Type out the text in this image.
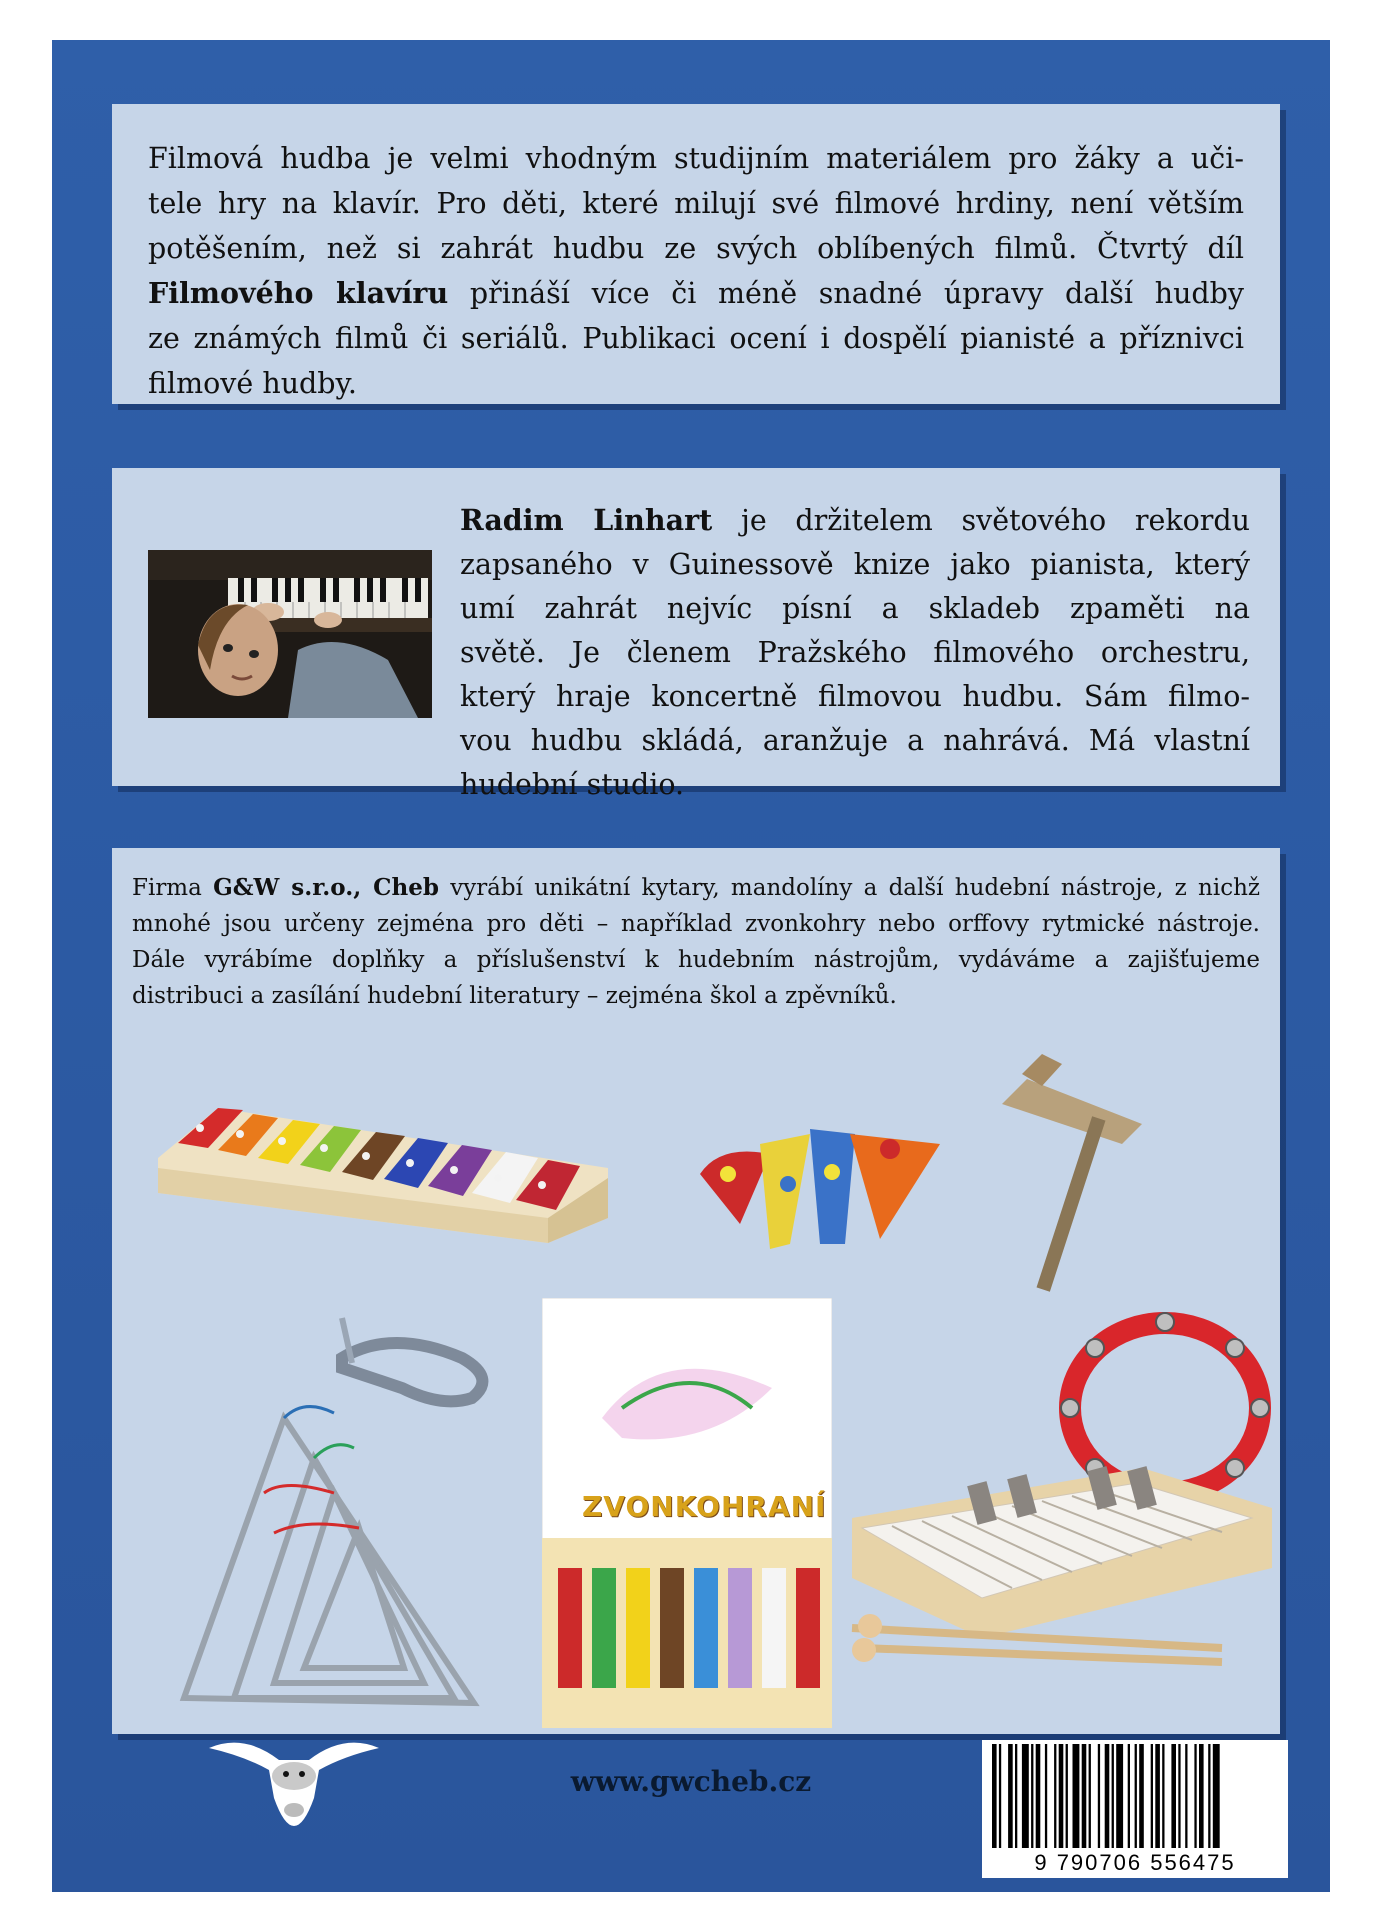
Filmová hudba je velmi vhodným studijním materiálem pro žáky a uči-
tele hry na klavír. Pro děti, které milují své filmové hrdiny, není větším
potěšením, než si zahrát hudbu ze svých oblíbených filmů. Čtvrtý díl
Filmového klavíru přináší více či méně snadné úpravy další hudby
ze známých filmů či seriálů. Publikaci ocení i dospělí pianisté a příznivci
filmové hudby.

Radim Linhart je držitelem světového rekordu
zapsaného v Guinessově knize jako pianista, který
umí zahrát nejvíc písní a skladeb zpaměti na
světě. Je členem Pražského filmového orchestru,
který hraje koncertně filmovou hudbu. Sám filmo-
vou hudbu skládá, aranžuje a nahrává. Má vlastní
hudební studio.

Firma G&W s.r.o., Cheb vyrábí unikátní kytary, mandolíny a další hudební nástroje, z nichž
mnohé jsou určeny zejména pro děti – například zvonkohry nebo orffovy rytmické nástroje.
Dále vyrábíme doplňky a příslušenství k hudebním nástrojům, vydáváme a zajišťujeme
distribuci a zasílání hudební literatury – zejména škol a zpěvníků.

ZVONKOHRANÍ
www.gwcheb.cz
9 790706 556475
